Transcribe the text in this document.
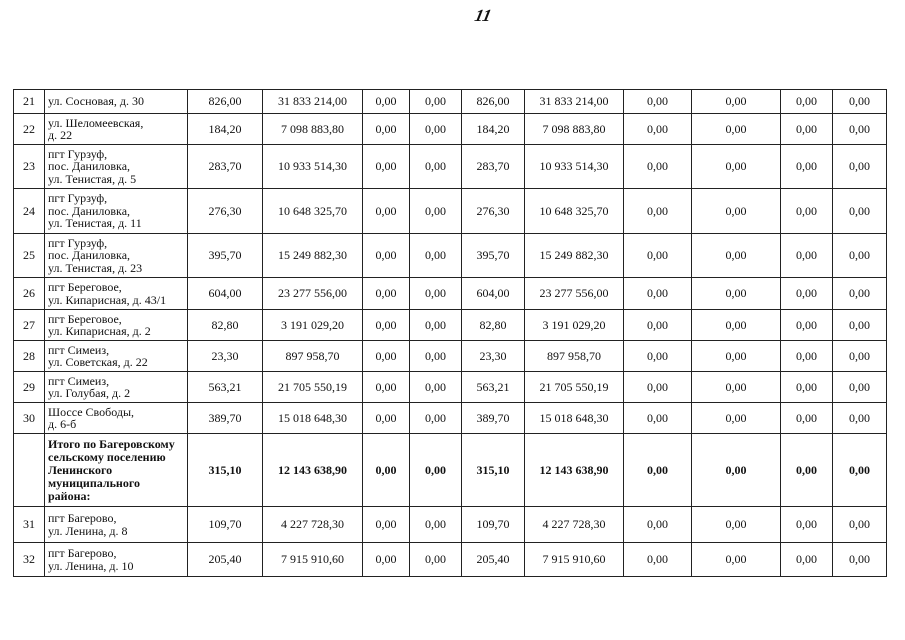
11
21	ул. Сосновая, д. 30	826,00	31 833 214,00	0,00	0,00	826,00	31 833 214,00	0,00	0,00	0,00	0,00
22	ул. Шеломеевская,
д. 22	184,20	7 098 883,80	0,00	0,00	184,20	7 098 883,80	0,00	0,00	0,00	0,00
23	пгт Гурзуф,
пос. Даниловка,
ул. Тенистая, д. 5	283,70	10 933 514,30	0,00	0,00	283,70	10 933 514,30	0,00	0,00	0,00	0,00
24	пгт Гурзуф,
пос. Даниловка,
ул. Тенистая, д. 11	276,30	10 648 325,70	0,00	0,00	276,30	10 648 325,70	0,00	0,00	0,00	0,00
25	пгт Гурзуф,
пос. Даниловка,
ул. Тенистая, д. 23	395,70	15 249 882,30	0,00	0,00	395,70	15 249 882,30	0,00	0,00	0,00	0,00
26	пгт Береговое,
ул. Кипарисная, д. 43/1	604,00	23 277 556,00	0,00	0,00	604,00	23 277 556,00	0,00	0,00	0,00	0,00
27	пгт Береговое,
ул. Кипарисная, д. 2	82,80	3 191 029,20	0,00	0,00	82,80	3 191 029,20	0,00	0,00	0,00	0,00
28	пгт Симеиз,
ул. Советская, д. 22	23,30	897 958,70	0,00	0,00	23,30	897 958,70	0,00	0,00	0,00	0,00
29	пгт Симеиз,
ул. Голубая, д. 2	563,21	21 705 550,19	0,00	0,00	563,21	21 705 550,19	0,00	0,00	0,00	0,00
30	Шоссе Свободы,
д. 6-б	389,70	15 018 648,30	0,00	0,00	389,70	15 018 648,30	0,00	0,00	0,00	0,00

	Итого по Багеровскому
сельскому поселению
Ленинского
муниципального
района:	315,10	12 143 638,90	0,00	0,00	315,10	12 143 638,90	0,00	0,00	0,00	0,00
31	пгт Багерово,
ул. Ленина, д. 8	109,70	4 227 728,30	0,00	0,00	109,70	4 227 728,30	0,00	0,00	0,00	0,00
32	пгт Багерово,
ул. Ленина, д. 10	205,40	7 915 910,60	0,00	0,00	205,40	7 915 910,60	0,00	0,00	0,00	0,00
